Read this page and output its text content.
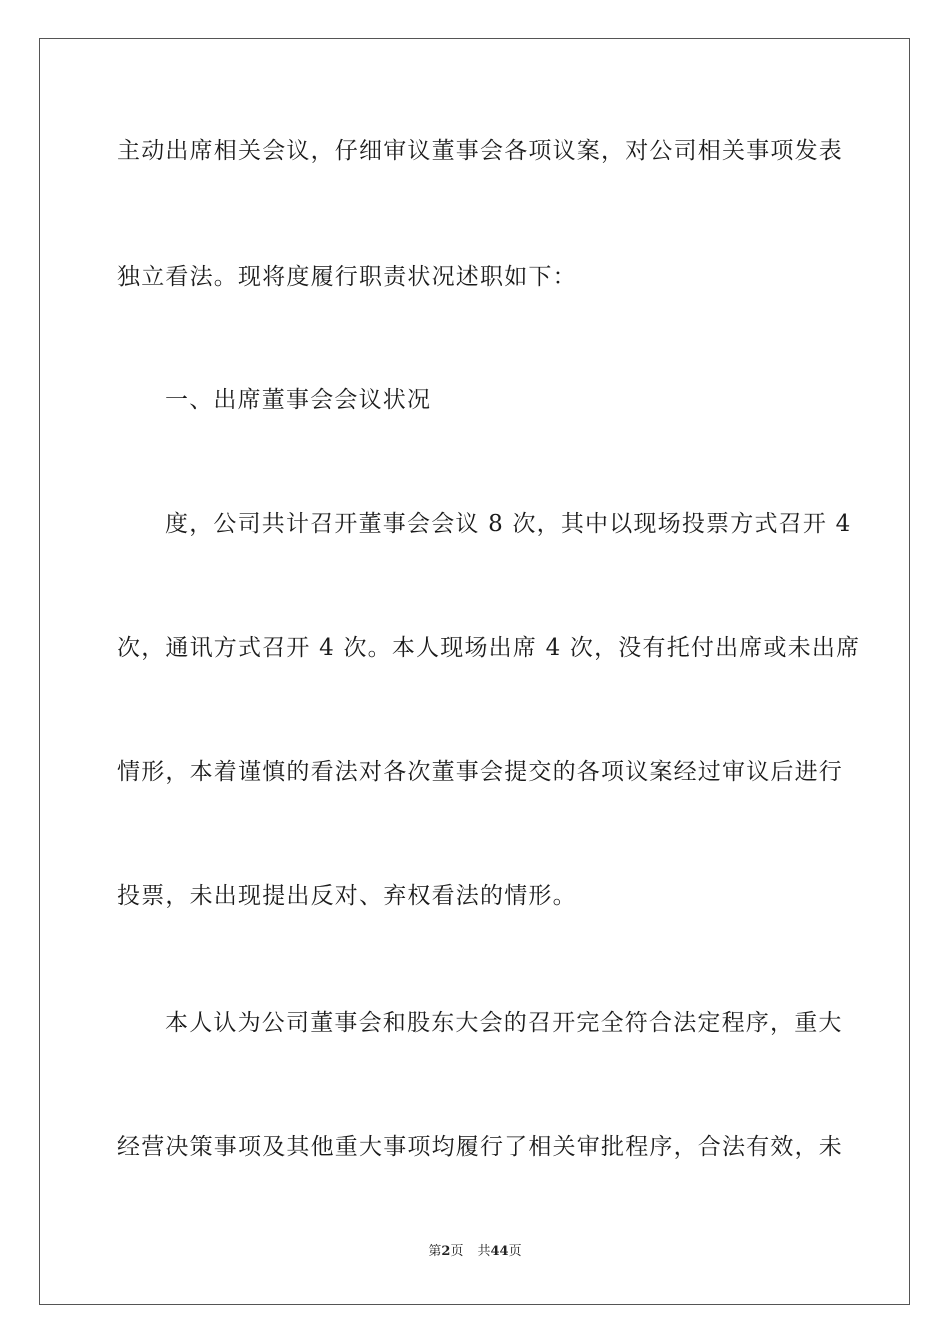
主动出席相关会议，仔细审议董事会各项议案，对公司相关事项发表
独立看法。现将度履行职责状况述职如下：
一、出席董事会会议状况
度，公司共计召开董事会会议 8 次，其中以现场投票方式召开 4
次，通讯方式召开 4 次。本人现场出席 4 次，没有托付出席或未出席
情形，本着谨慎的看法对各次董事会提交的各项议案经过审议后进行
投票，未出现提出反对、弃权看法的情形。
本人认为公司董事会和股东大会的召开完全符合法定程序，重大
经营决策事项及其他重大事项均履行了相关审批程序，合法有效，未
第2页 共44页
